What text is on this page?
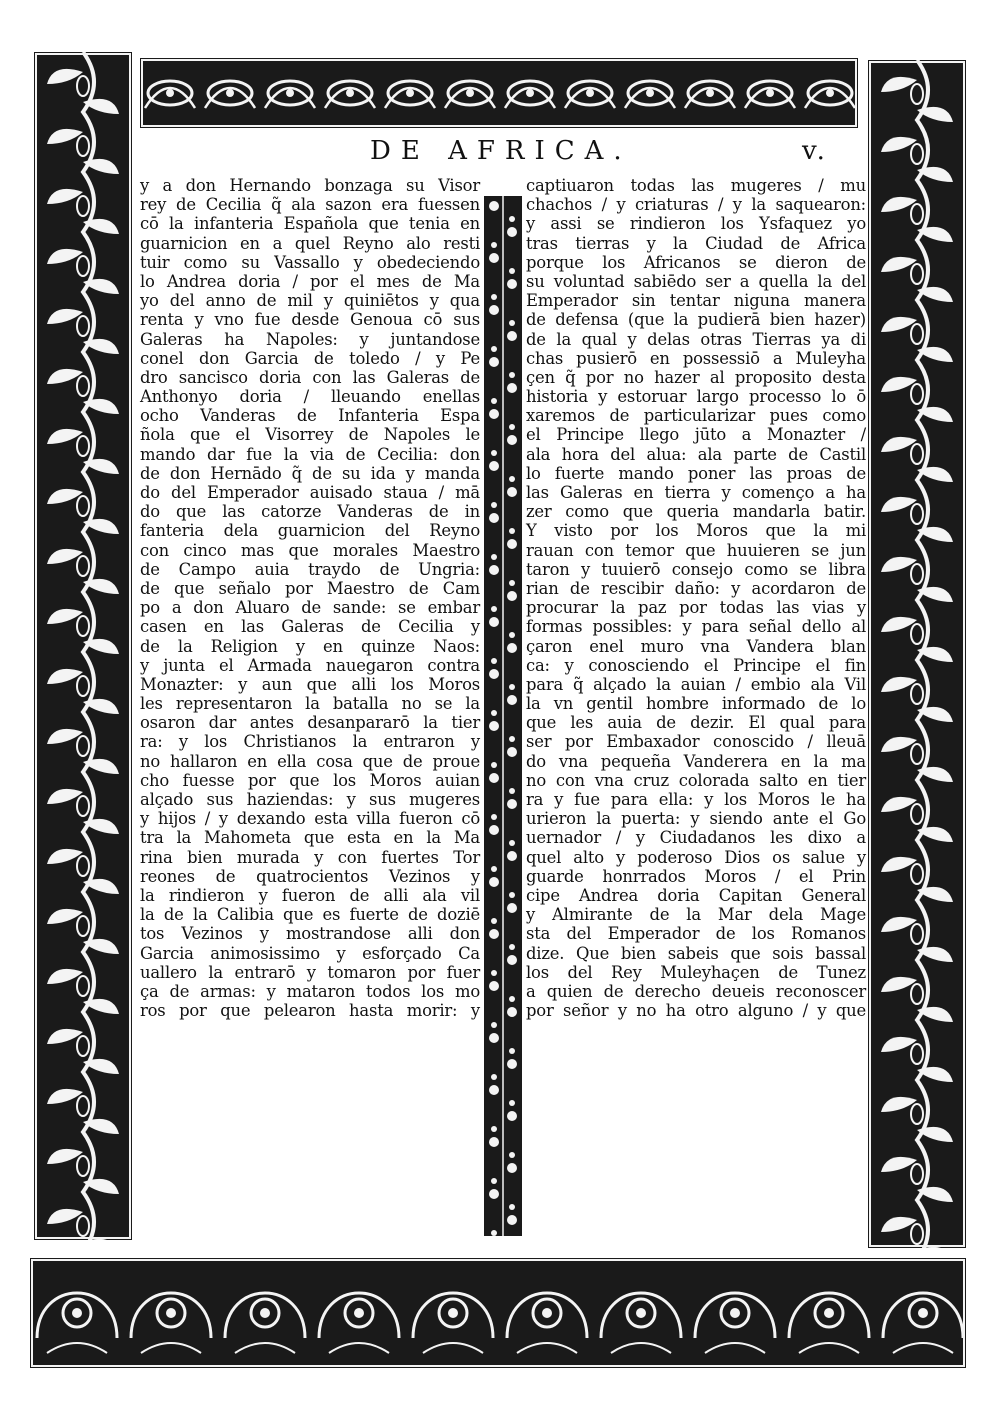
DE AFRICA.	v.
y a don Hernando bonzaga su Visor
rey de Cecilia q̃ ala sazon era fuessen
cō la infanteria Española que tenia en
guarnicion en a quel Reyno alo resti
tuir como su Vassallo y obedeciendo
lo Andrea doria / por el mes de Ma
yo del anno de mil y quiniētos y qua
renta y vno fue desde Genoua cō sus
Galeras ha Napoles: y juntandose
conel don Garcia de toledo / y Pe
dro sancisco doria con las Galeras de
Anthonyo doria / lleuando enellas
ocho Vanderas de Infanteria Espa
ñola que el Visorrey de Napoles le
mando dar fue la via de Cecilia: don
de don Hernādo q̃ de su ida y manda
do del Emperador auisado staua / mā
do que las catorze Vanderas de in
fanteria dela guarnicion del Reyno
con cinco mas que morales Maestro
de Campo auia traydo de Ungria:
de que señalo por Maestro de Cam
po a don Aluaro de sande: se embar
casen en las Galeras de Cecilia y
de la Religion y en quinze Naos:
y junta el Armada nauegaron contra
Monazter: y aun que alli los Moros
les representaron la batalla no se la
osaron dar antes desanpararō la tier
ra: y los Christianos la entraron y
no hallaron en ella cosa que de proue
cho fuesse por que los Moros auian
alçado sus haziendas: y sus mugeres
y hijos / y dexando esta villa fueron cō
tra la Mahometa que esta en la Ma
rina bien murada y con fuertes Tor
reones de quatrocientos Vezinos y
la rindieron y fueron de alli ala vil
la de la Calibia que es fuerte de doziē
tos Vezinos y mostrandose alli don
Garcia animosissimo y esforçado Ca
uallero la entrarō y tomaron por fuer
ça de armas: y mataron todos los mo
ros por que pelearon hasta morir: y
captiuaron todas las mugeres / mu
chachos / y criaturas / y la saquearon:
y assi se rindieron los Ysfaquez yo
tras tierras y la Ciudad de Africa
porque los Africanos se dieron de
su voluntad sabiēdo ser a quella la del
Emperador sin tentar niguna manera
de defensa (que la pudierā bien hazer)
de la qual y delas otras Tierras ya di
chas pusierō en possessiō a Muleyha
çen q̃ por no hazer al proposito desta
historia y estoruar largo processo lo ō
xaremos de particularizar pues como
el Principe llego jūto a Monazter /
ala hora del alua: ala parte de Castil
lo fuerte mando poner las proas de
las Galeras en tierra y començo a ha
zer como que queria mandarla batir.
Y visto por los Moros que la mi
rauan con temor que huuieren se jun
taron y tuuierō consejo como se libra
rian de rescibir daño: y acordaron de
procurar la paz por todas las vias y
formas possibles: y para señal dello al
çaron enel muro vna Vandera blan
ca: y conosciendo el Principe el fin
para q̃ alçado la auian / embio ala Vil
la vn gentil hombre informado de lo
que les auia de dezir. El qual para
ser por Embaxador conoscido / lleuā
do vna pequeña Vanderera en la ma
no con vna cruz colorada salto en tier
ra y fue para ella: y los Moros le ha
urieron la puerta: y siendo ante el Go
uernador / y Ciudadanos les dixo a
quel alto y poderoso Dios os salue y
guarde honrrados Moros / el Prin
cipe Andrea doria Capitan General
y Almirante de la Mar dela Mage
sta del Emperador de los Romanos
dize. Que bien sabeis que sois bassal
los del Rey Muleyhaçen de Tunez
a quien de derecho deueis reconoscer
por señor y no ha otro alguno / y que
